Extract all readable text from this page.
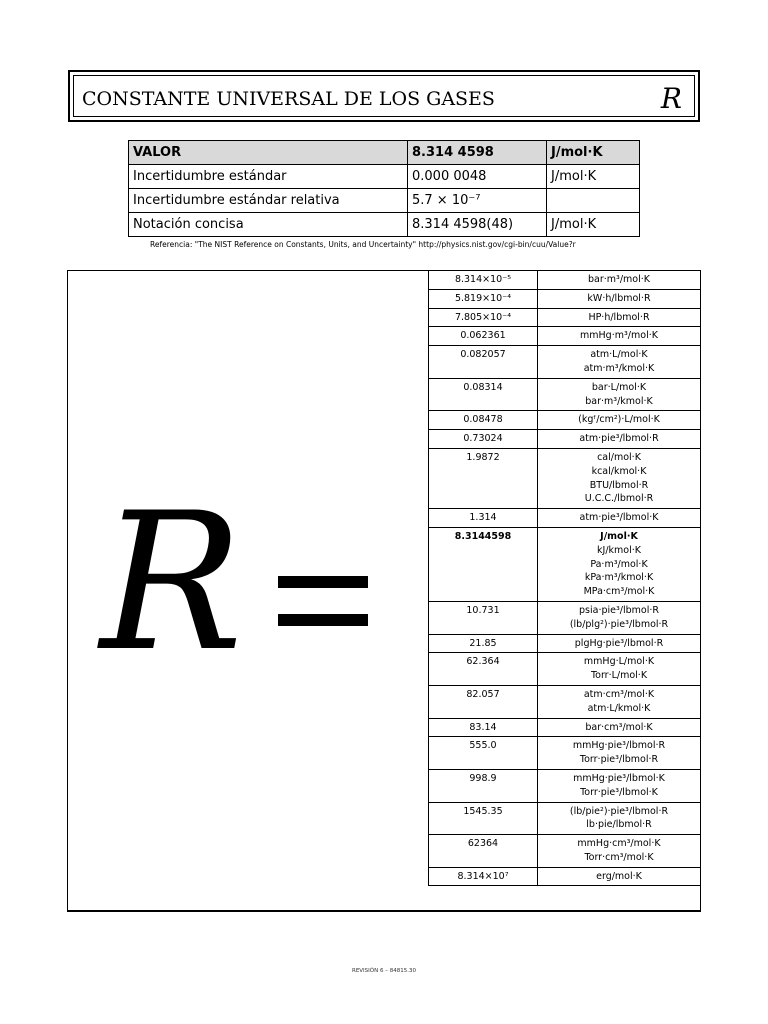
CONSTANTE UNIVERSAL DE LOS GASES	R
VALOR	8.314 4598	J/mol·K
Incertidumbre estándar	0.000 0048	J/mol·K
Incertidumbre estándar relativa	5.7 × 10⁻⁷	
Notación concisa	8.314 4598(48)	J/mol·K
Referencia: "The NIST Reference on Constants, Units, and Uncertainty" http://physics.nist.gov/cgi-bin/cuu/Value?r
R
8.314×10⁻⁵	bar·m³/mol·K

5.819×10⁻⁴	kW·h/lbmol·R

7.805×10⁻⁴	HP·h/lbmol·R

0.062361	mmHg·m³/mol·K

0.082057	atm·L/mol·K
atm·m³/kmol·K

0.08314	bar·L/mol·K
bar·m³/kmol·K

0.08478	(kgᶠ/cm²)·L/mol·K

0.73024	atm·pie³/lbmol·R

1.9872	cal/mol·K
kcal/kmol·K
BTU/lbmol·R
U.C.C./lbmol·R

1.314	atm·pie³/lbmol·K

8.3144598	J/mol·K
kJ/kmol·K
Pa·m³/mol·K
kPa·m³/kmol·K
MPa·cm³/mol·K

10.731	psia·pie³/lbmol·R
(lb/plg²)·pie³/lbmol·R

21.85	plgHg·pie³/lbmol·R

62.364	mmHg·L/mol·K
Torr·L/mol·K

82.057	atm·cm³/mol·K
atm·L/kmol·K

83.14	bar·cm³/mol·K

555.0	mmHg·pie³/lbmol·R
Torr·pie³/lbmol·R

998.9	mmHg·pie³/lbmol·K
Torr·pie³/lbmol·K

1545.35	(lb/pie²)·pie³/lbmol·R
lb·pie/lbmol·R

62364	mmHg·cm³/mol·K
Torr·cm³/mol·K

8.314×10⁷	erg/mol·K
REVISIÓN 6 – 84815.30
